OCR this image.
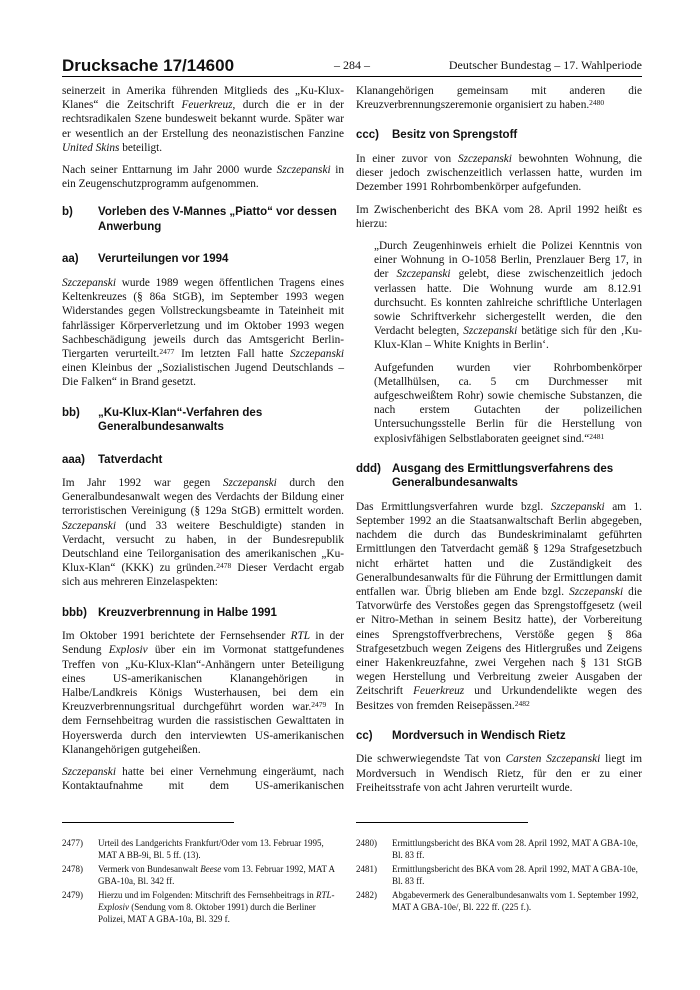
Drucksache 17/14600	– 284 –	Deutscher Bundestag – 17. Wahlperiode

seinerzeit in Amerika führenden Mitglieds des „Ku-Klux-Klanes“ die Zeitschrift Feuerkreuz, durch die er in der rechtsradikalen Szene bundesweit bekannt wurde. Später war er wesentlich an der Erstellung des neonazistischen Fanzine United Skins beteiligt.

Nach seiner Enttarnung im Jahr 2000 wurde Szczepanski in ein Zeugenschutzprogramm aufgenommen.

b)	Vorleben des V-Mannes „Piatto“ vor dessen Anwerbung
aa)	Verurteilungen vor 1994

Szczepanski wurde 1989 wegen öffentlichen Tragens eines Keltenkreuzes (§ 86a StGB), im September 1993 wegen Widerstandes gegen Vollstreckungsbeamte in Tateinheit mit fahrlässiger Körperverletzung und im Oktober 1993 wegen Sachbeschädigung jeweils durch das Amtsgericht Berlin-Tiergarten verurteilt.$^{2477}$ Im letzten Fall hatte Szczepanski einen Kleinbus der „Sozialistischen Jugend Deutschlands – Die Falken“ in Brand gesetzt.

bb)	„Ku-Klux-Klan“-Verfahren des Generalbundesanwalts
aaa)	Tatverdacht

Im Jahr 1992 war gegen Szczepanski durch den Generalbundesanwalt wegen des Verdachts der Bildung einer terroristischen Vereinigung (§ 129a StGB) ermittelt worden. Szczepanski (und 33 weitere Beschuldigte) standen in Verdacht, versucht zu haben, in der Bundesrepublik Deutschland eine Teilorganisation des amerikanischen „Ku-Klux-Klan“ (KKK) zu gründen.$^{2478}$ Dieser Verdacht ergab sich aus mehreren Einzelaspekten:

bbb) Kreuzverbrennung in Halbe 1991

Im Oktober 1991 berichtete der Fernsehsender RTL in der Sendung Explosiv über ein im Vormonat stattgefundenes Treffen von „Ku-Klux-Klan“-Anhängern unter Beteiligung eines US-amerikanischen Klanangehörigen in Halbe/Landkreis Königs Wusterhausen, bei dem ein Kreuzverbrennungsritual durchgeführt worden war.$^{2479}$ In dem Fernsehbeitrag wurden die rassistischen Gewalttaten in Hoyerswerda durch den interviewten US-amerikanischen Klanangehörigen gutgeheißen.

Szczepanski hatte bei einer Vernehmung eingeräumt, nach Kontaktaufnahme mit dem US-amerikanischen

Klanangehörigen gemeinsam mit anderen die Kreuzverbrennungszeremonie organisiert zu haben.$^{2480}$

ccc)	Besitz von Sprengstoff

In einer zuvor von Szczepanski bewohnten Wohnung, die dieser jedoch zwischenzeitlich verlassen hatte, wurden im Dezember 1991 Rohrbombenkörper aufgefunden.

Im Zwischenbericht des BKA vom 28. April 1992 heißt es hierzu:

„Durch Zeugenhinweis erhielt die Polizei Kenntnis von einer Wohnung in O-1058 Berlin, Prenzlauer Berg 17, in der Szczepanski gelebt, diese zwischenzeitlich jedoch verlassen hatte. Die Wohnung wurde am 8.12.91 durchsucht. Es konnten zahlreiche schriftliche Unterlagen sowie Schriftverkehr sichergestellt werden, die den Verdacht belegten, Szczepanski betätige sich für den ‚Ku-Klux-Klan – White Knights in Berlin‘.

Aufgefunden wurden vier Rohrbombenkörper (Metallhülsen, ca. 5 cm Durchmesser mit aufgeschweißtem Rohr) sowie chemische Substanzen, die nach erstem Gutachten der polizeilichen Untersuchungsstelle Berlin für die Herstellung von explosivfähigen Selbstlaboraten geeignet sind.“$^{2481}$

ddd) Ausgang des Ermittlungsverfahrens des Generalbundesanwalts

Das Ermittlungsverfahren wurde bzgl. Szczepanski am 1. September 1992 an die Staatsanwaltschaft Berlin abgegeben, nachdem die durch das Bundeskriminalamt geführten Ermittlungen den Tatverdacht gemäß § 129a Strafgesetzbuch nicht erhärtet hatten und die Zuständigkeit des Generalbundesanwalts für die Führung der Ermittlungen damit entfallen war. Übrig blieben am Ende bzgl. Szczepanski die Tatvorwürfe des Verstoßes gegen das Sprengstoffgesetz (weil er Nitro-Methan in seinem Besitz hatte), der Vorbereitung eines Sprengstoffverbrechens, Verstöße gegen § 86a Strafgesetzbuch wegen Zeigens des Hitlergrußes und Zeigens einer Hakenkreuzfahne, zwei Vergehen nach § 131 StGB wegen Herstellung und Verbreitung zweier Ausgaben der Zeitschrift Feuerkreuz und Urkundendelikte wegen des Besitzes von fremden Reisepässen.$^{2482}$

cc)	Mordversuch in Wendisch Rietz

Die schwerwiegendste Tat von Carsten Szczepanski liegt im Mordversuch in Wendisch Rietz, für den er zu einer Freiheitsstrafe von acht Jahren verurteilt wurde.

2477)	Urteil des Landgerichts Frankfurt/Oder vom 13. Februar 1995, MAT A BB-9i, Bl. 5 ff. (13).
2478)	Vermerk von Bundesanwalt Beese vom 13. Februar 1992, MAT A GBA-10a, Bl. 342 ff.
2479)	Hierzu und im Folgenden: Mitschrift des Fernsehbeitrags in RTL-Explosiv (Sendung vom 8. Oktober 1991) durch die Berliner Polizei, MAT A GBA-10a, Bl. 329 f.
2480)	Ermittlungsbericht des BKA vom 28. April 1992, MAT A GBA-10e, Bl. 83 ff.
2481)	Ermittlungsbericht des BKA vom 28. April 1992, MAT A GBA-10e, Bl. 83 ff.
2482)	Abgabevermerk des Generalbundesanwalts vom 1. September 1992, MAT A GBA-10e/, Bl. 222 ff. (225 f.).
